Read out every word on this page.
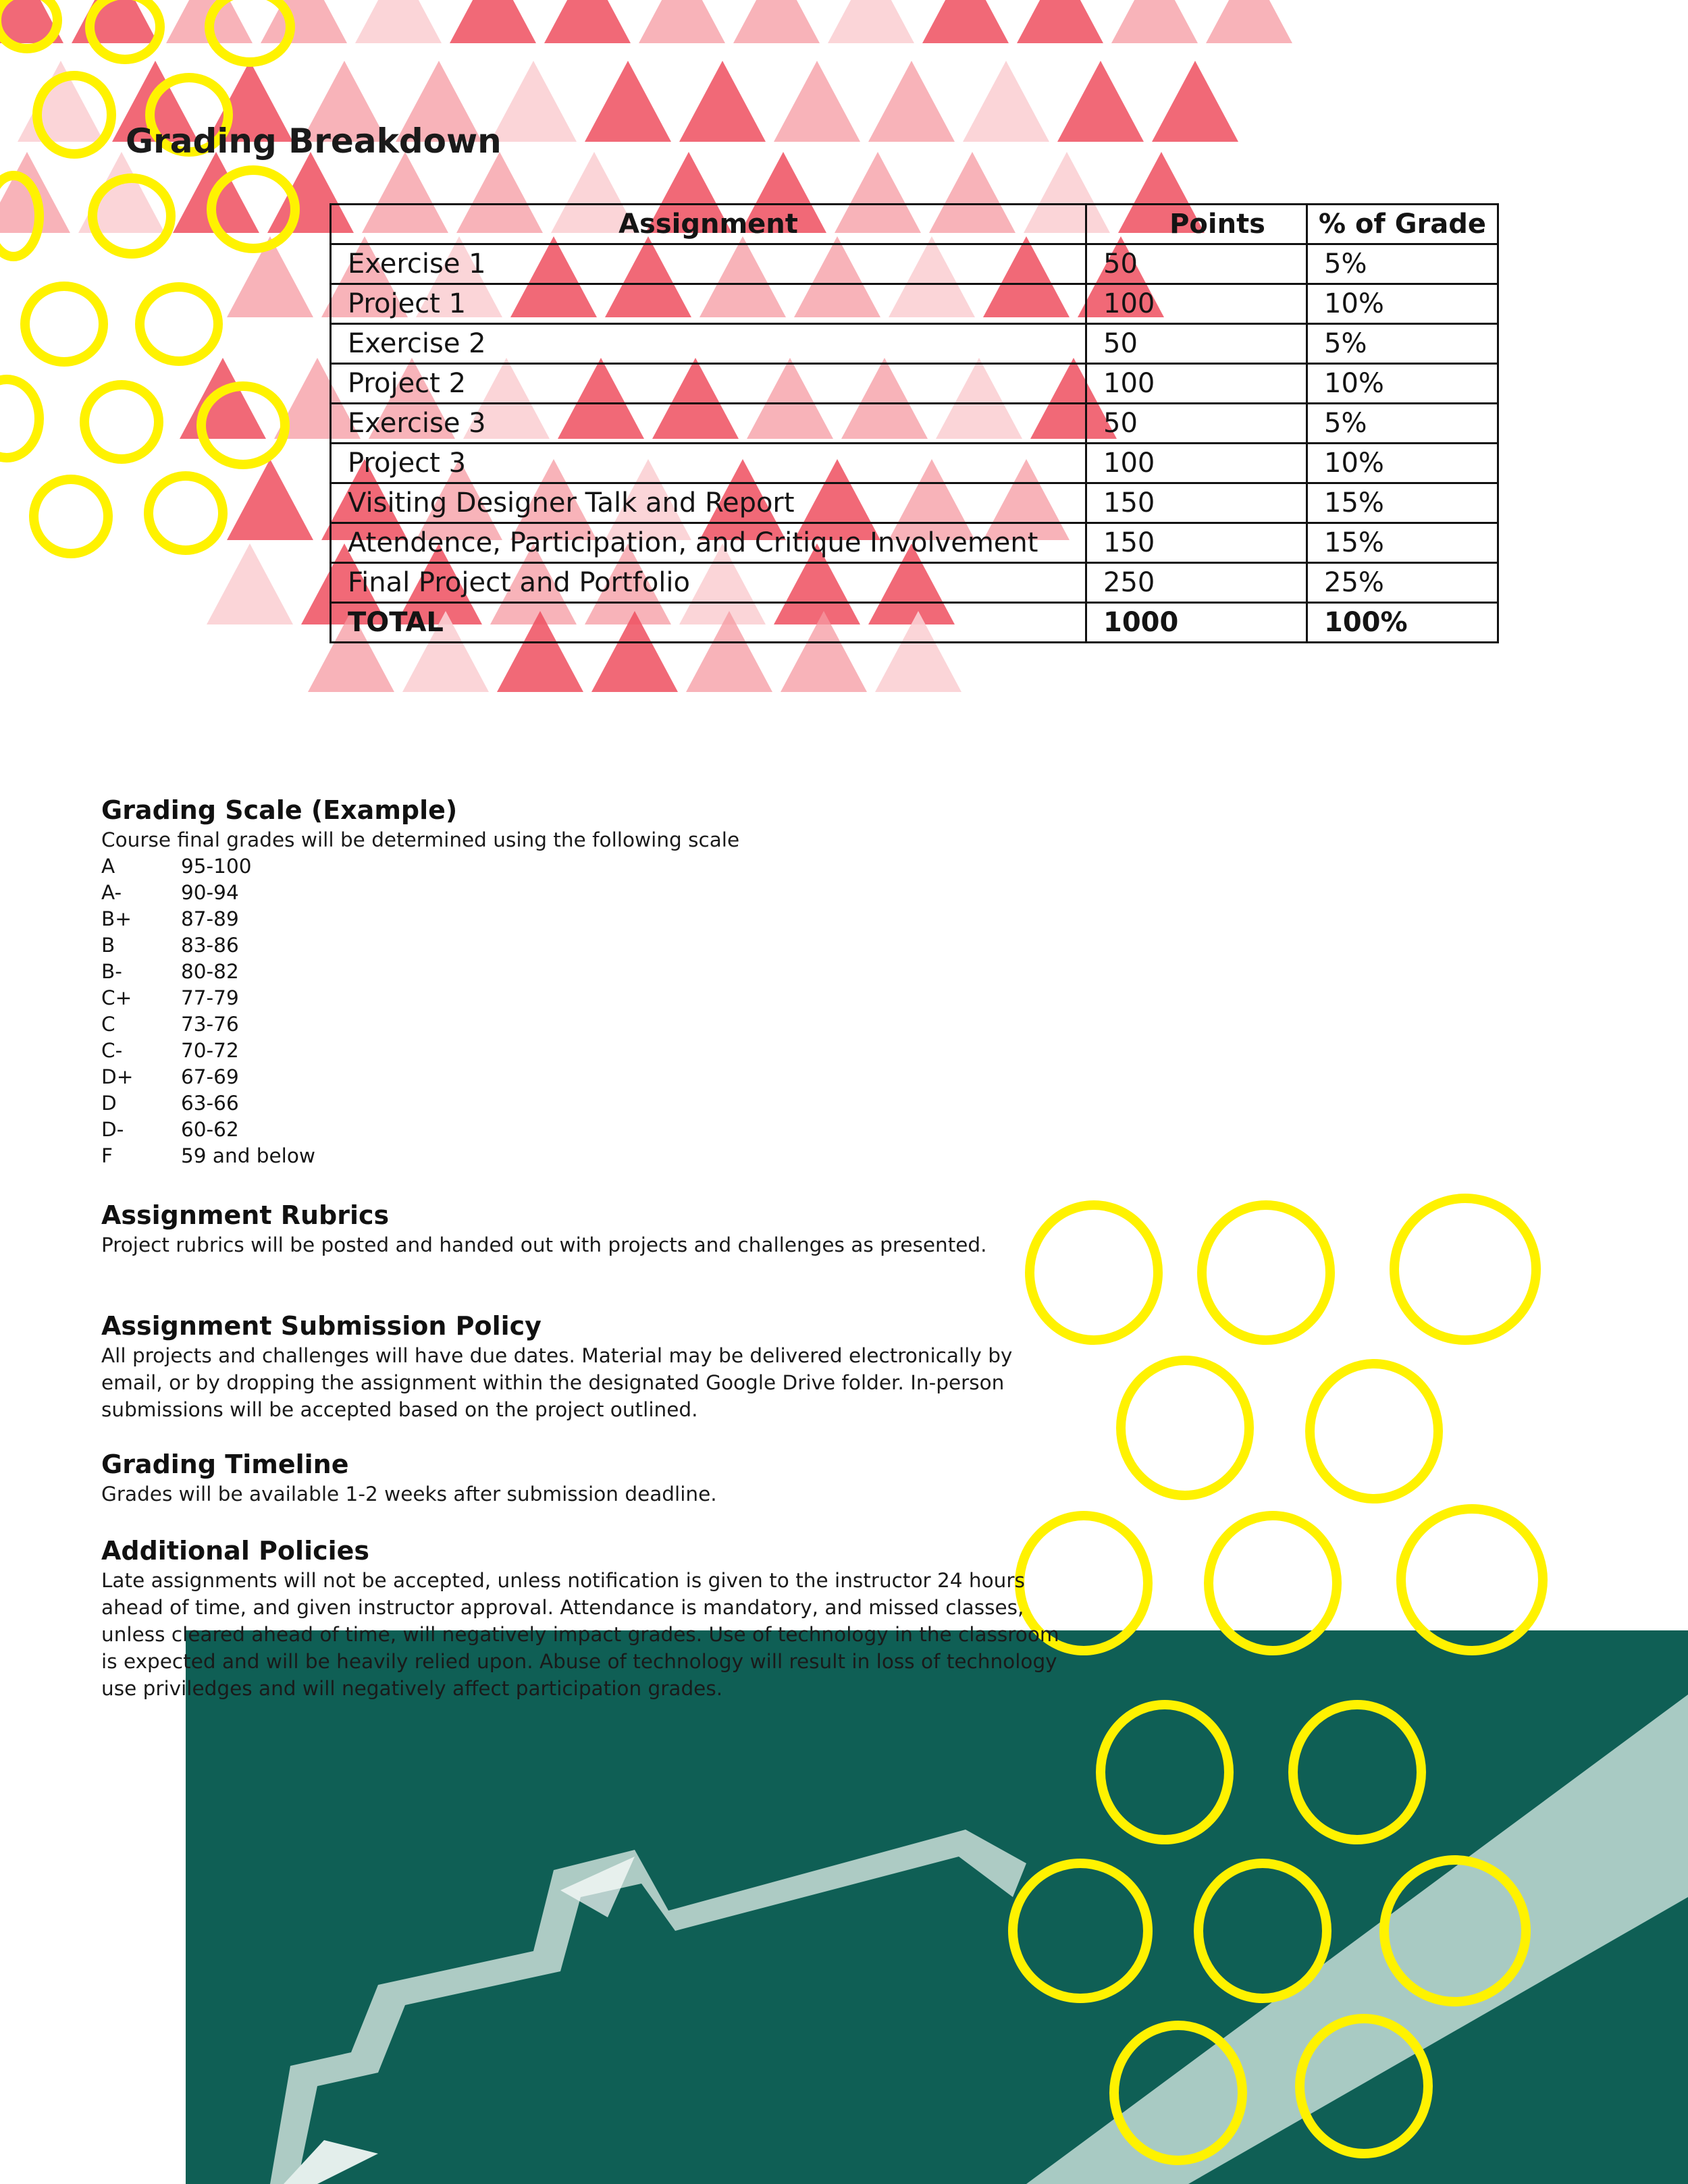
Grading Breakdown
Assignment	Points	% of Grade
Exercise 1	50	5%
Project 1	100	10%
Exercise 2	50	5%
Project 2	100	10%
Exercise 3	50	5%
Project 3	100	10%
Visiting Designer Talk and Report	150	15%
Atendence, Participation, and Critique Involvement	150	15%
Final Project and Portfolio	250	25%
TOTAL	1000	100%
Grading Scale (Example)

Course final grades will be determined using the following scale

A	95-100
A-	90-94
B+	87-89
B	83-86
B-	80-82
C+	77-79
C	73-76
C-	70-72
D+	67-69
D	63-66
D-	60-62
F	59 and below
Assignment Rubrics

Project rubrics will be posted and handed out with projects and challenges as presented.

Assignment Submission Policy

All projects and challenges will have due dates. Material may be delivered electronically by email, or by dropping the assignment within the designated Google Drive folder. In-person submissions will be accepted based on the project outlined.

Grading Timeline

Grades will be available 1-2 weeks after submission deadline.

Additional Policies

Late assignments will not be accepted, unless notification is given to the instructor 24 hours ahead of time, and given instructor approval. Attendance is mandatory, and missed classes, unless cleared ahead of time, will negatively impact grades. Use of technology in the classroom is expected and will be heavily relied upon. Abuse of technology will result in loss of technology use priviledges and will negatively affect participation grades.
